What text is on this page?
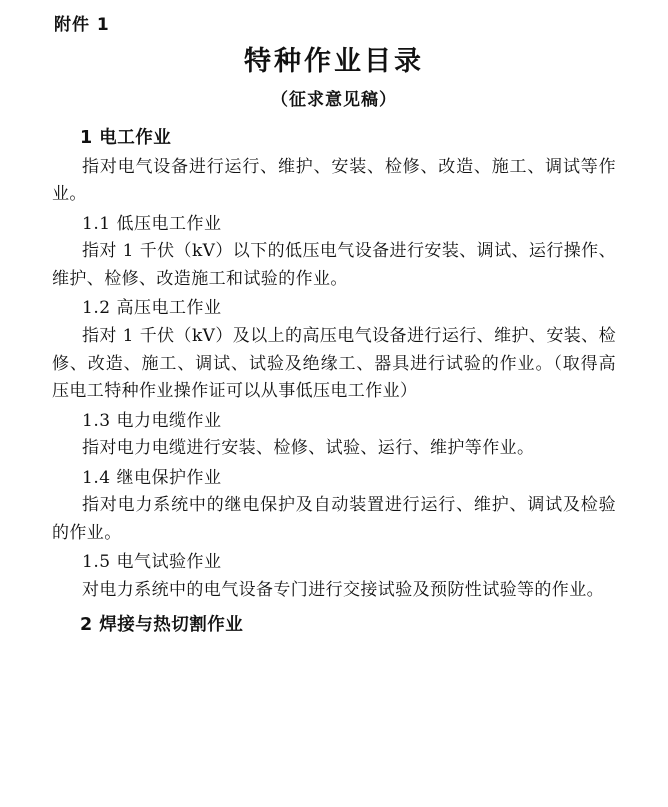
附件 1
特种作业目录
（征求意见稿）
1 电工作业

指对电气设备进行运行、维护、安装、检修、改造、施工、调试等作业。

1.1 低压电工作业

指对 1 千伏（kV）以下的低压电气设备进行安装、调试、运行操作、维护、检修、改造施工和试验的作业。

1.2 高压电工作业

指对 1 千伏（kV）及以上的高压电气设备进行运行、维护、安装、检修、改造、施工、调试、试验及绝缘工、器具进行试验的作业。（取得高压电工特种作业操作证可以从事低压电工作业）

1.3 电力电缆作业

指对电力电缆进行安装、检修、试验、运行、维护等作业。

1.4 继电保护作业

指对电力系统中的继电保护及自动装置进行运行、维护、调试及检验的作业。

1.5 电气试验作业

对电力系统中的电气设备专门进行交接试验及预防性试验等的作业。

2 焊接与热切割作业
